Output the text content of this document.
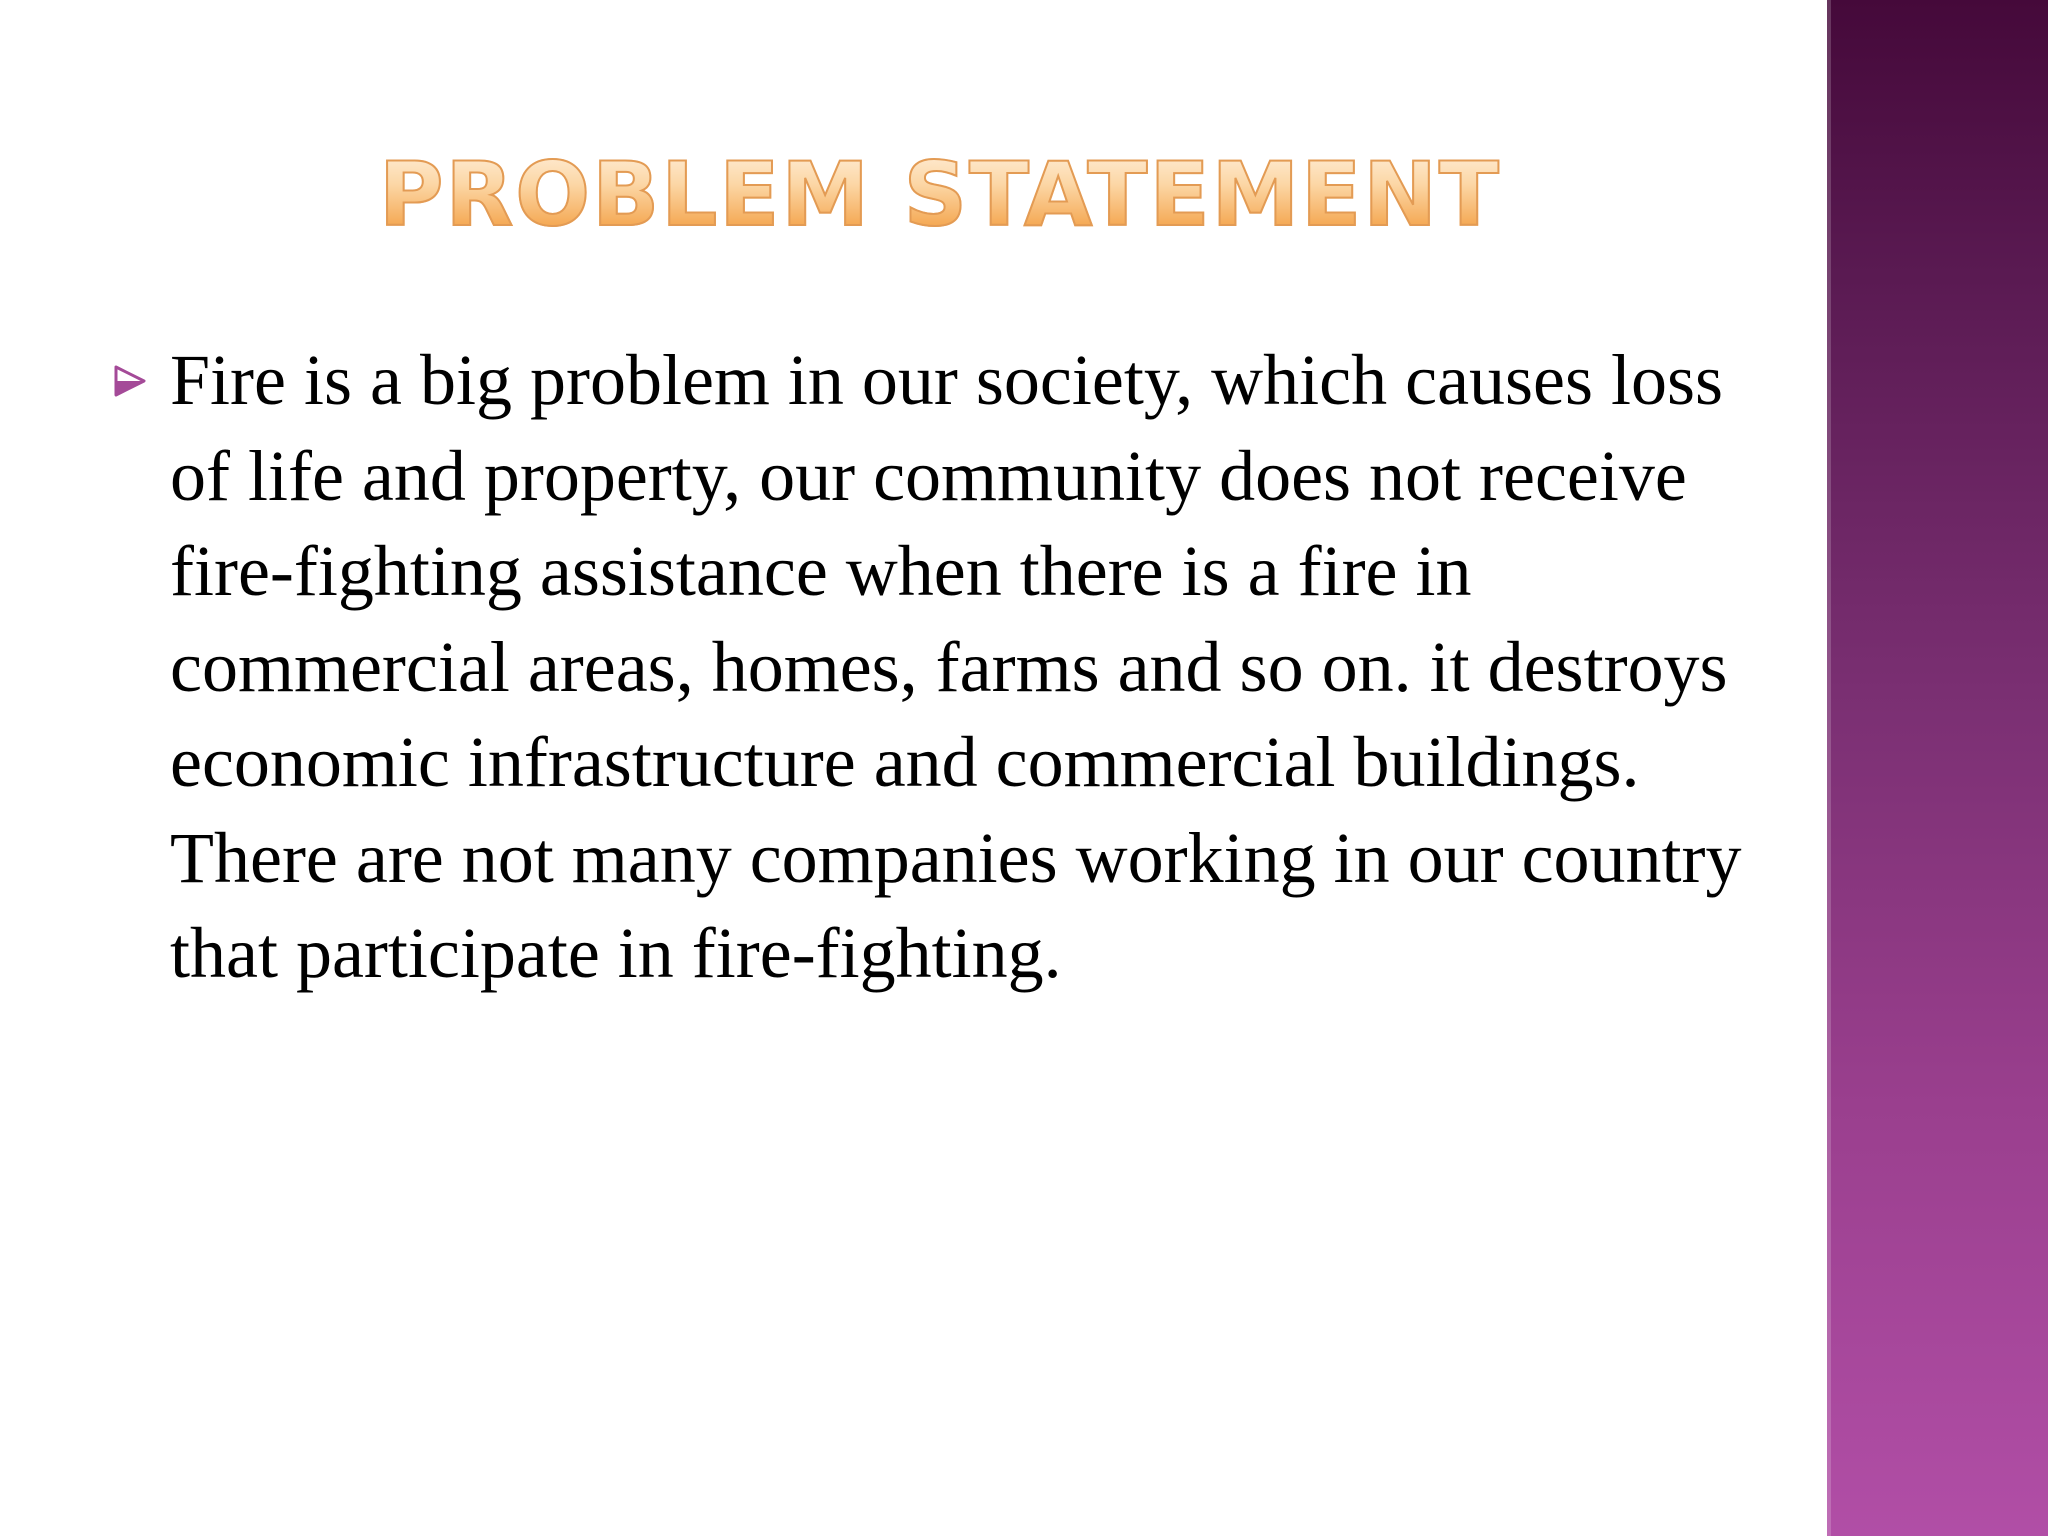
PROBLEM STATEMENT
Fire is a big problem in our society, which causes loss of life and property, our community does not receive fire-fighting assistance when there is a fire in commercial areas, homes, farms and so on. it destroys economic infrastructure and commercial buildings. There are not many companies working in our country that participate in fire-fighting.
